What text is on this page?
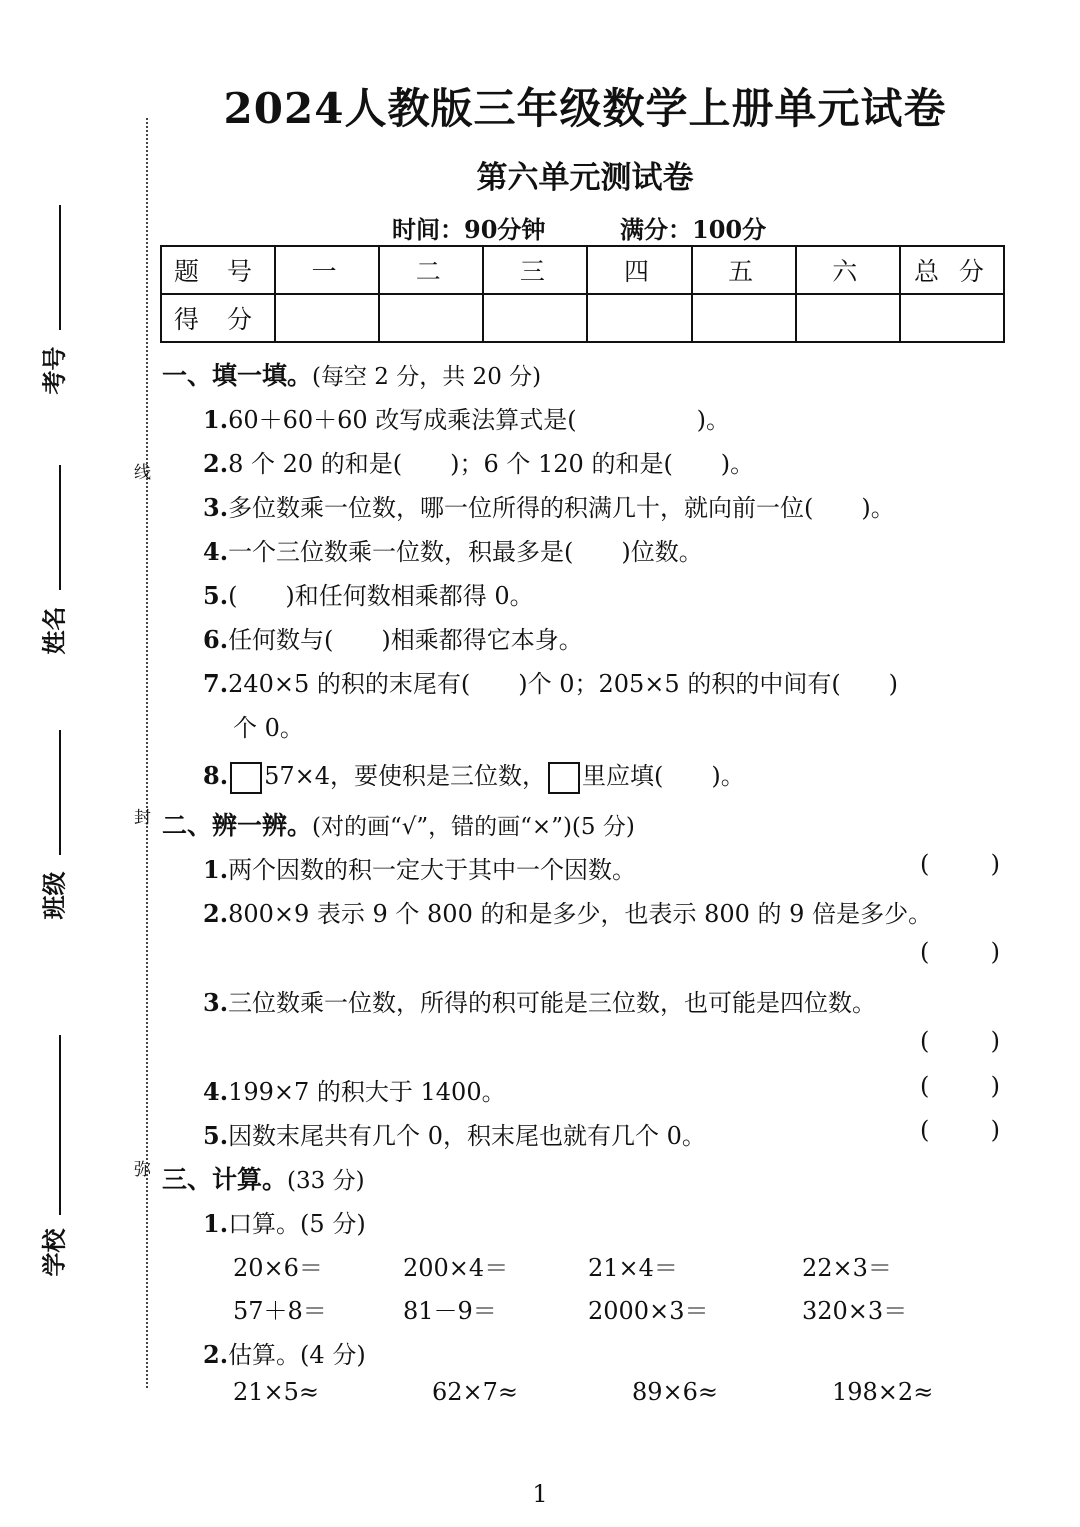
线
封
弥
考号
姓名
班级
学校
2024人教版三年级数学上册单元试卷
第六单元测试卷
时间：90分钟	满分：100分
题 号	一	二	三	四	五	六	总 分
得 分							
一、填一填。(每空 2 分，共 20 分)
1.60＋60＋60 改写成乘法算式是(　　　　　)。
2.8 个 20 的和是(　　)；6 个 120 的和是(　　)。
3.多位数乘一位数，哪一位所得的积满几十，就向前一位(　　)。
4.一个三位数乘一位数，积最多是(　　)位数。
5.(　　)和任何数相乘都得 0。
6.任何数与(　　)相乘都得它本身。
7.240×5 的积的末尾有(　　)个 0；205×5 的积的中间有(　　)
个 0。
8. 57×4，要使积是三位数， 里应填(　　)。
二、辨一辨。(对的画“√”，错的画“×”)(5 分)
1.两个因数的积一定大于其中一个因数。	(	)
2.800×9 表示 9 个 800 的和是多少，也表示 800 的 9 倍是多少。
(	)
3.三位数乘一位数，所得的积可能是三位数，也可能是四位数。
(	)
4.199×7 的积大于 1400。	(	)
5.因数末尾共有几个 0，积末尾也就有几个 0。	(	)
三、计算。(33 分)
1.口算。(5 分)
20×6＝	200×4＝	21×4＝	22×3＝
57＋8＝	81－9＝	2000×3＝	320×3＝
2.估算。(4 分)
21×5≈	62×7≈	89×6≈	198×2≈
1
